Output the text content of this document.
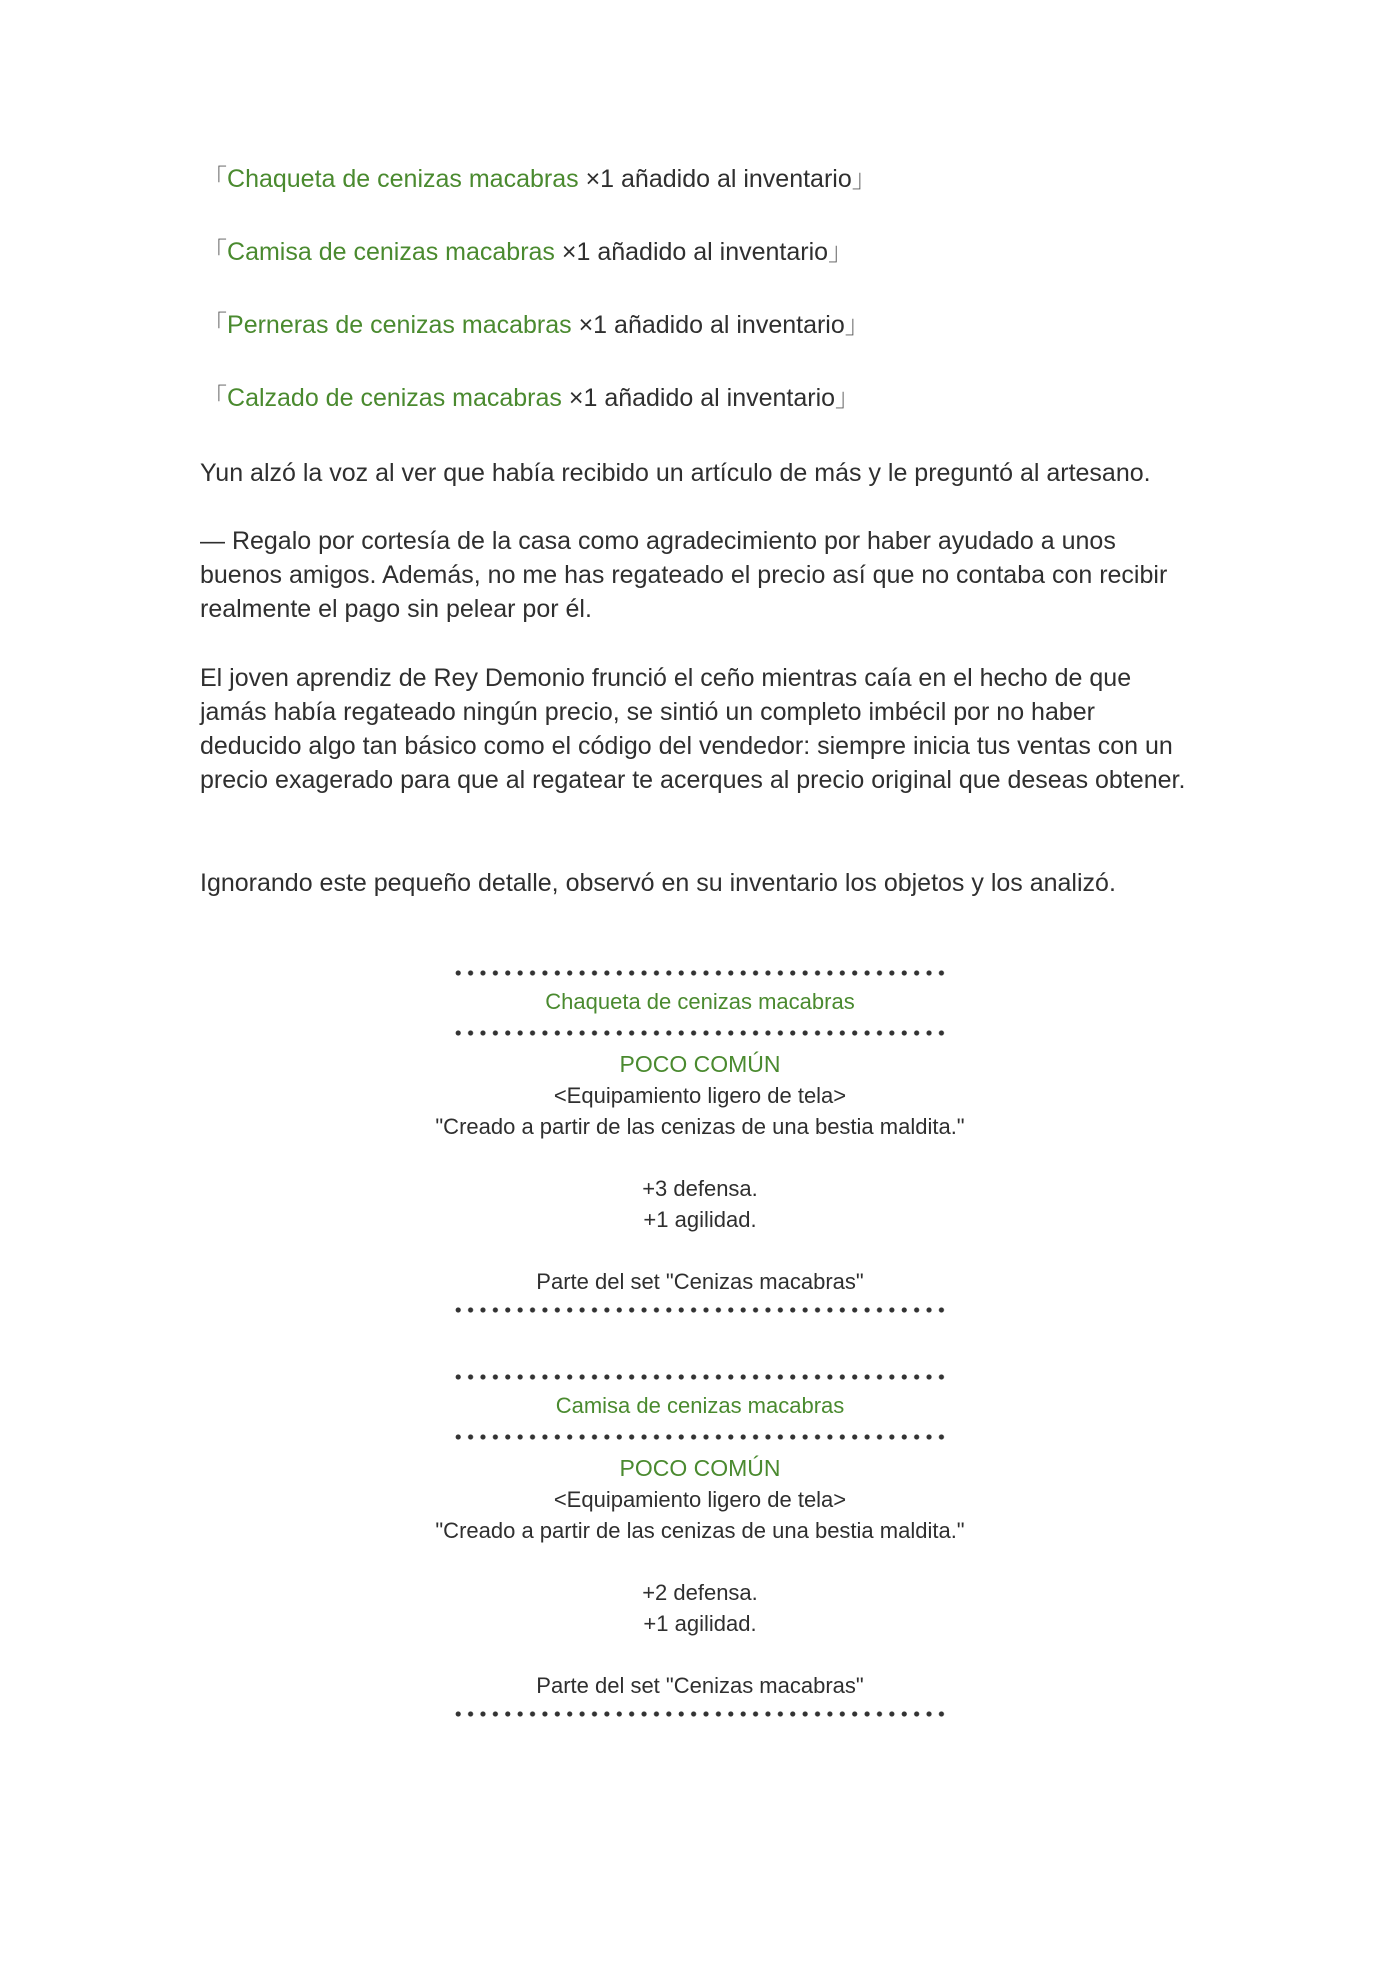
「Chaqueta de cenizas macabras ×1 añadido al inventario」
「Camisa de cenizas macabras ×1 añadido al inventario」
「Perneras de cenizas macabras ×1 añadido al inventario」
「Calzado de cenizas macabras ×1 añadido al inventario」

Yun alzó la voz al ver que había recibido un artículo de más y le preguntó al artesano.

— Regalo por cortesía de la casa como agradecimiento por haber ayudado a unos buenos amigos. Además, no me has regateado el precio así que no contaba con recibir realmente el pago sin pelear por él.

El joven aprendiz de Rey Demonio frunció el ceño mientras caía en el hecho de que jamás había regateado ningún precio, se sintió un completo imbécil por no haber deducido algo tan básico como el código del vendedor: siempre inicia tus ventas con un precio exagerado para que al regatear te acerques al precio original que deseas obtener.

Ignorando este pequeño detalle, observó en su inventario los objetos y los analizó.

Chaqueta de cenizas macabras
POCO COMÚN
<Equipamiento ligero de tela>
"Creado a partir de las cenizas de una bestia maldita."
+3 defensa.
+1 agilidad.
Parte del set "Cenizas macabras"
Camisa de cenizas macabras
POCO COMÚN
<Equipamiento ligero de tela>
"Creado a partir de las cenizas de una bestia maldita."
+2 defensa.
+1 agilidad.
Parte del set "Cenizas macabras"
